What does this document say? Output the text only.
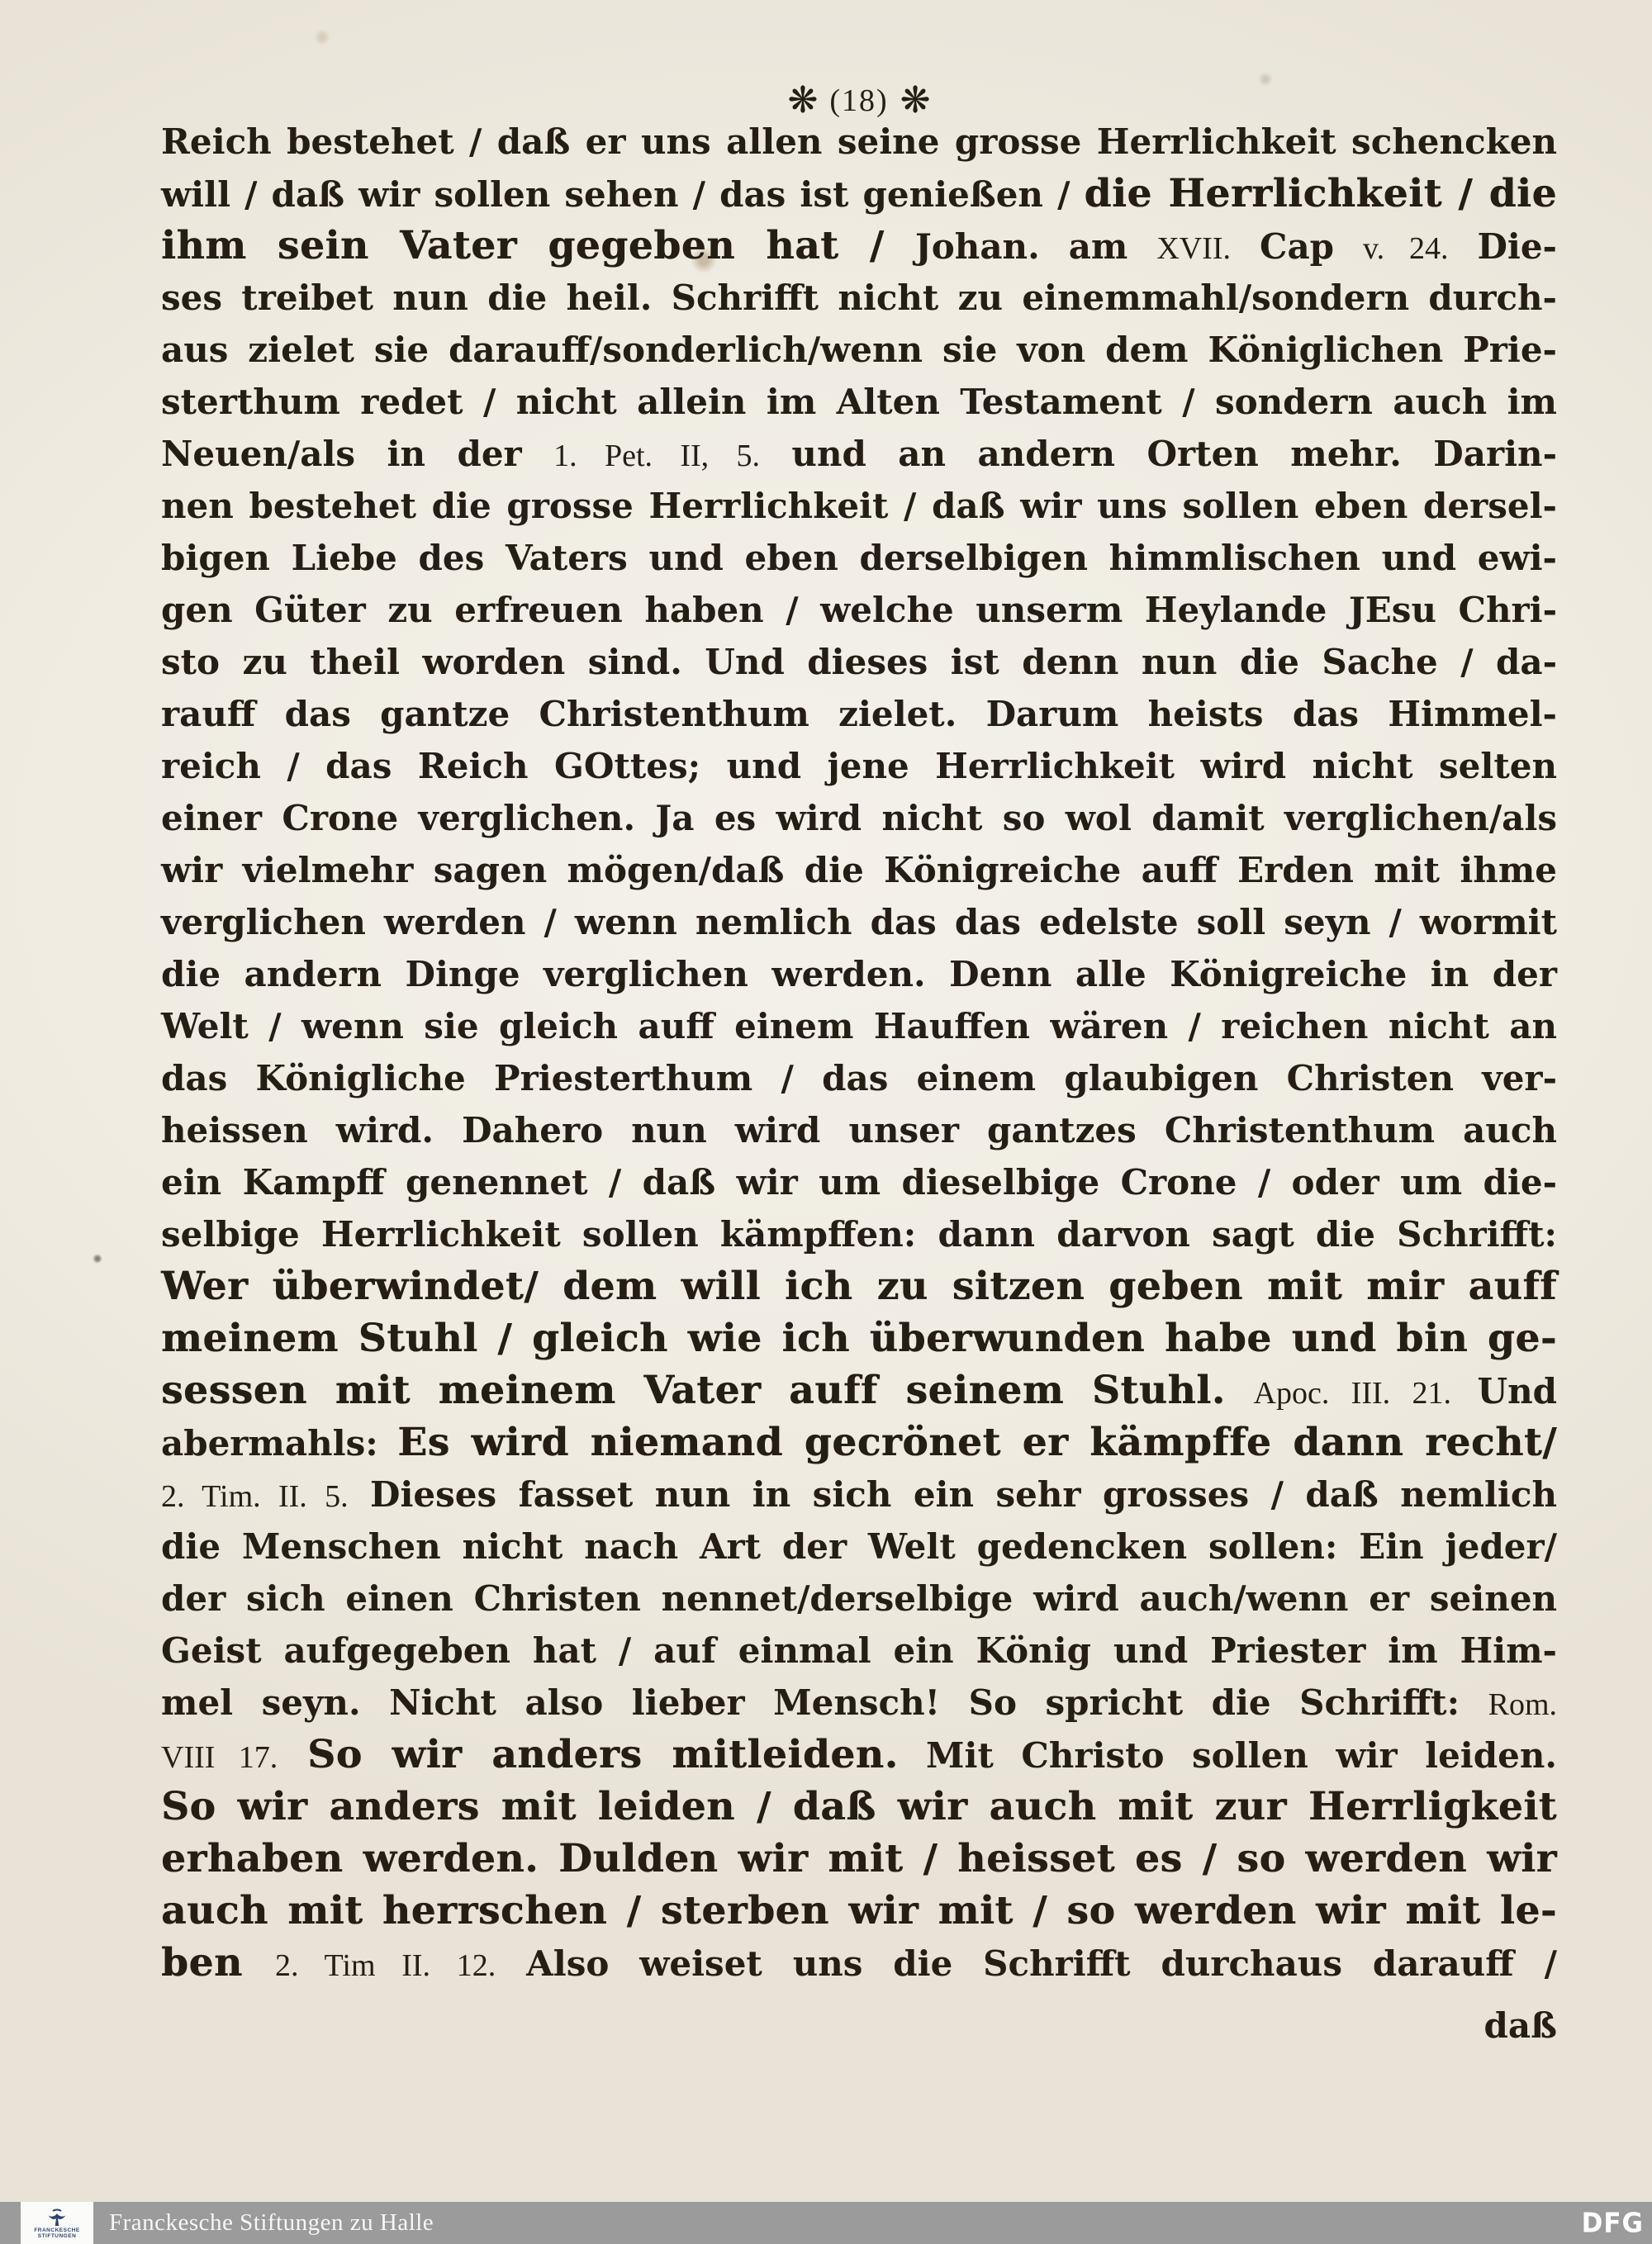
❋ (18) ❋
Reich bestehet / daß er uns allen seine grosse Herrlichkeit schencken
will / daß wir sollen sehen / das ist genießen / die Herrlichkeit / die
ihm sein Vater gegeben hat / Johan. am XVII. Cap v. 24. Die-
ses treibet nun die heil. Schrifft nicht zu einemmahl/sondern durch-
aus zielet sie darauff/sonderlich/wenn sie von dem Königlichen Prie-
sterthum redet / nicht allein im Alten Testament / sondern auch im
Neuen/als in der 1. Pet. II, 5. und an andern Orten mehr. Darin-
nen bestehet die grosse Herrlichkeit / daß wir uns sollen eben dersel-
bigen Liebe des Vaters und eben derselbigen himmlischen und ewi-
gen Güter zu erfreuen haben / welche unserm Heylande JEsu Chri-
sto zu theil worden sind. Und dieses ist denn nun die Sache / da-
rauff das gantze Christenthum zielet. Darum heists das Himmel-
reich / das Reich GOttes; und jene Herrlichkeit wird nicht selten
einer Crone verglichen. Ja es wird nicht so wol damit verglichen/als
wir vielmehr sagen mögen/daß die Königreiche auff Erden mit ihme
verglichen werden / wenn nemlich das das edelste soll seyn / wormit
die andern Dinge verglichen werden. Denn alle Königreiche in der
Welt / wenn sie gleich auff einem Hauffen wären / reichen nicht an
das Königliche Priesterthum / das einem glaubigen Christen ver-
heissen wird. Dahero nun wird unser gantzes Christenthum auch
ein Kampff genennet / daß wir um dieselbige Crone / oder um die-
selbige Herrlichkeit sollen kämpffen: dann darvon sagt die Schrifft:
Wer überwindet/ dem will ich zu sitzen geben mit mir auff
meinem Stuhl / gleich wie ich überwunden habe und bin ge-
sessen mit meinem Vater auff seinem Stuhl. Apoc. III. 21. Und
abermahls: Es wird niemand gecrönet er kämpffe dann recht/
2. Tim. II. 5. Dieses fasset nun in sich ein sehr grosses / daß nemlich
die Menschen nicht nach Art der Welt gedencken sollen: Ein jeder/
der sich einen Christen nennet/derselbige wird auch/wenn er seinen
Geist aufgegeben hat / auf einmal ein König und Priester im Him-
mel seyn. Nicht also lieber Mensch! So spricht die Schrifft: Rom.
VIII 17. So wir anders mitleiden. Mit Christo sollen wir leiden.
So wir anders mit leiden / daß wir auch mit zur Herrligkeit
erhaben werden. Dulden wir mit / heisset es / so werden wir
auch mit herrschen / sterben wir mit / so werden wir mit le-
ben 2. Tim II. 12. Also weiset uns die Schrifft durchaus darauff /
daß
FRANCKESCHE
STIFTUNGEN
Franckesche Stiftungen zu Halle	DFG
